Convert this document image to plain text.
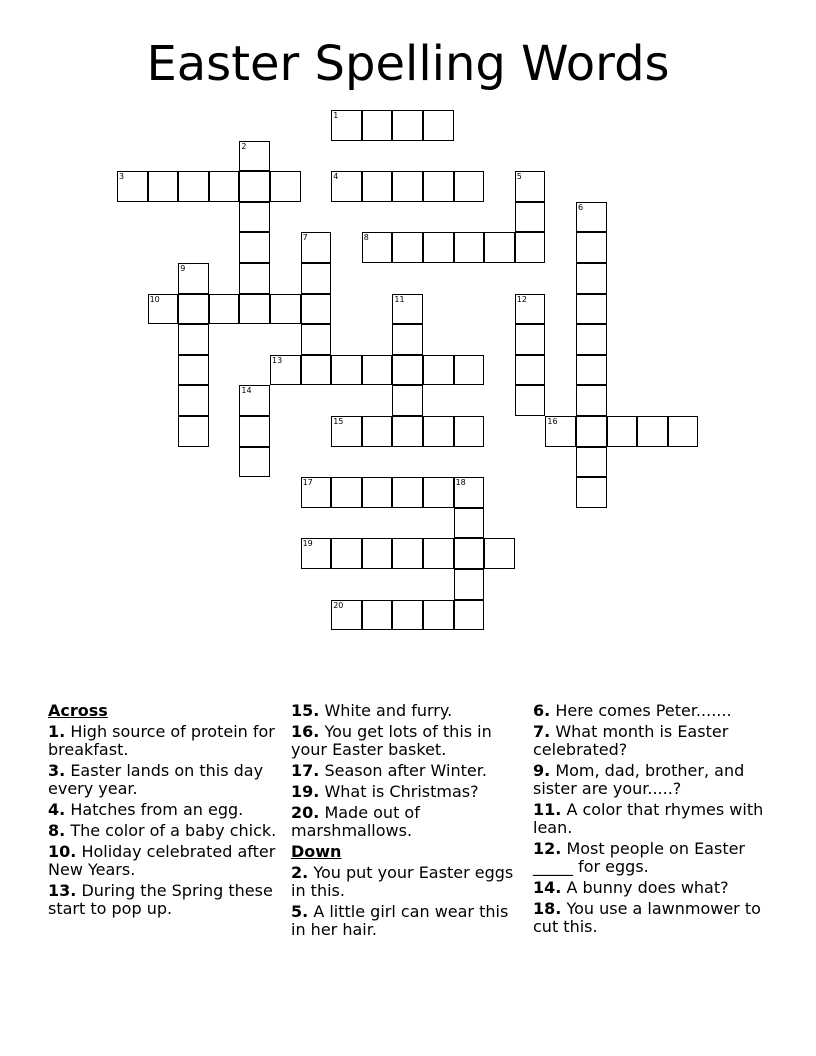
Easter Spelling Words
1
2
3	4	5
6
7	8
9
10	11	12
13
14
15	16
17	18
19
20
Across
1. High source of protein for breakfast.
3. Easter lands on this day every year.
4. Hatches from an egg.
8. The color of a baby chick.
10. Holiday celebrated after New Years.
13. During the Spring these start to pop up.
15. White and furry.
16. You get lots of this in your Easter basket.
17. Season after Winter.
19. What is Christmas?
20. Made out of marshmallows.
Down
2. You put your Easter eggs in this.
5. A little girl can wear this in her hair.
6. Here comes Peter.......
7. What month is Easter celebrated?
9. Mom, dad, brother, and sister are your.....?
11. A color that rhymes with lean.
12. Most people on Easter _____ for eggs.
14. A bunny does what?
18. You use a lawnmower to cut this.
